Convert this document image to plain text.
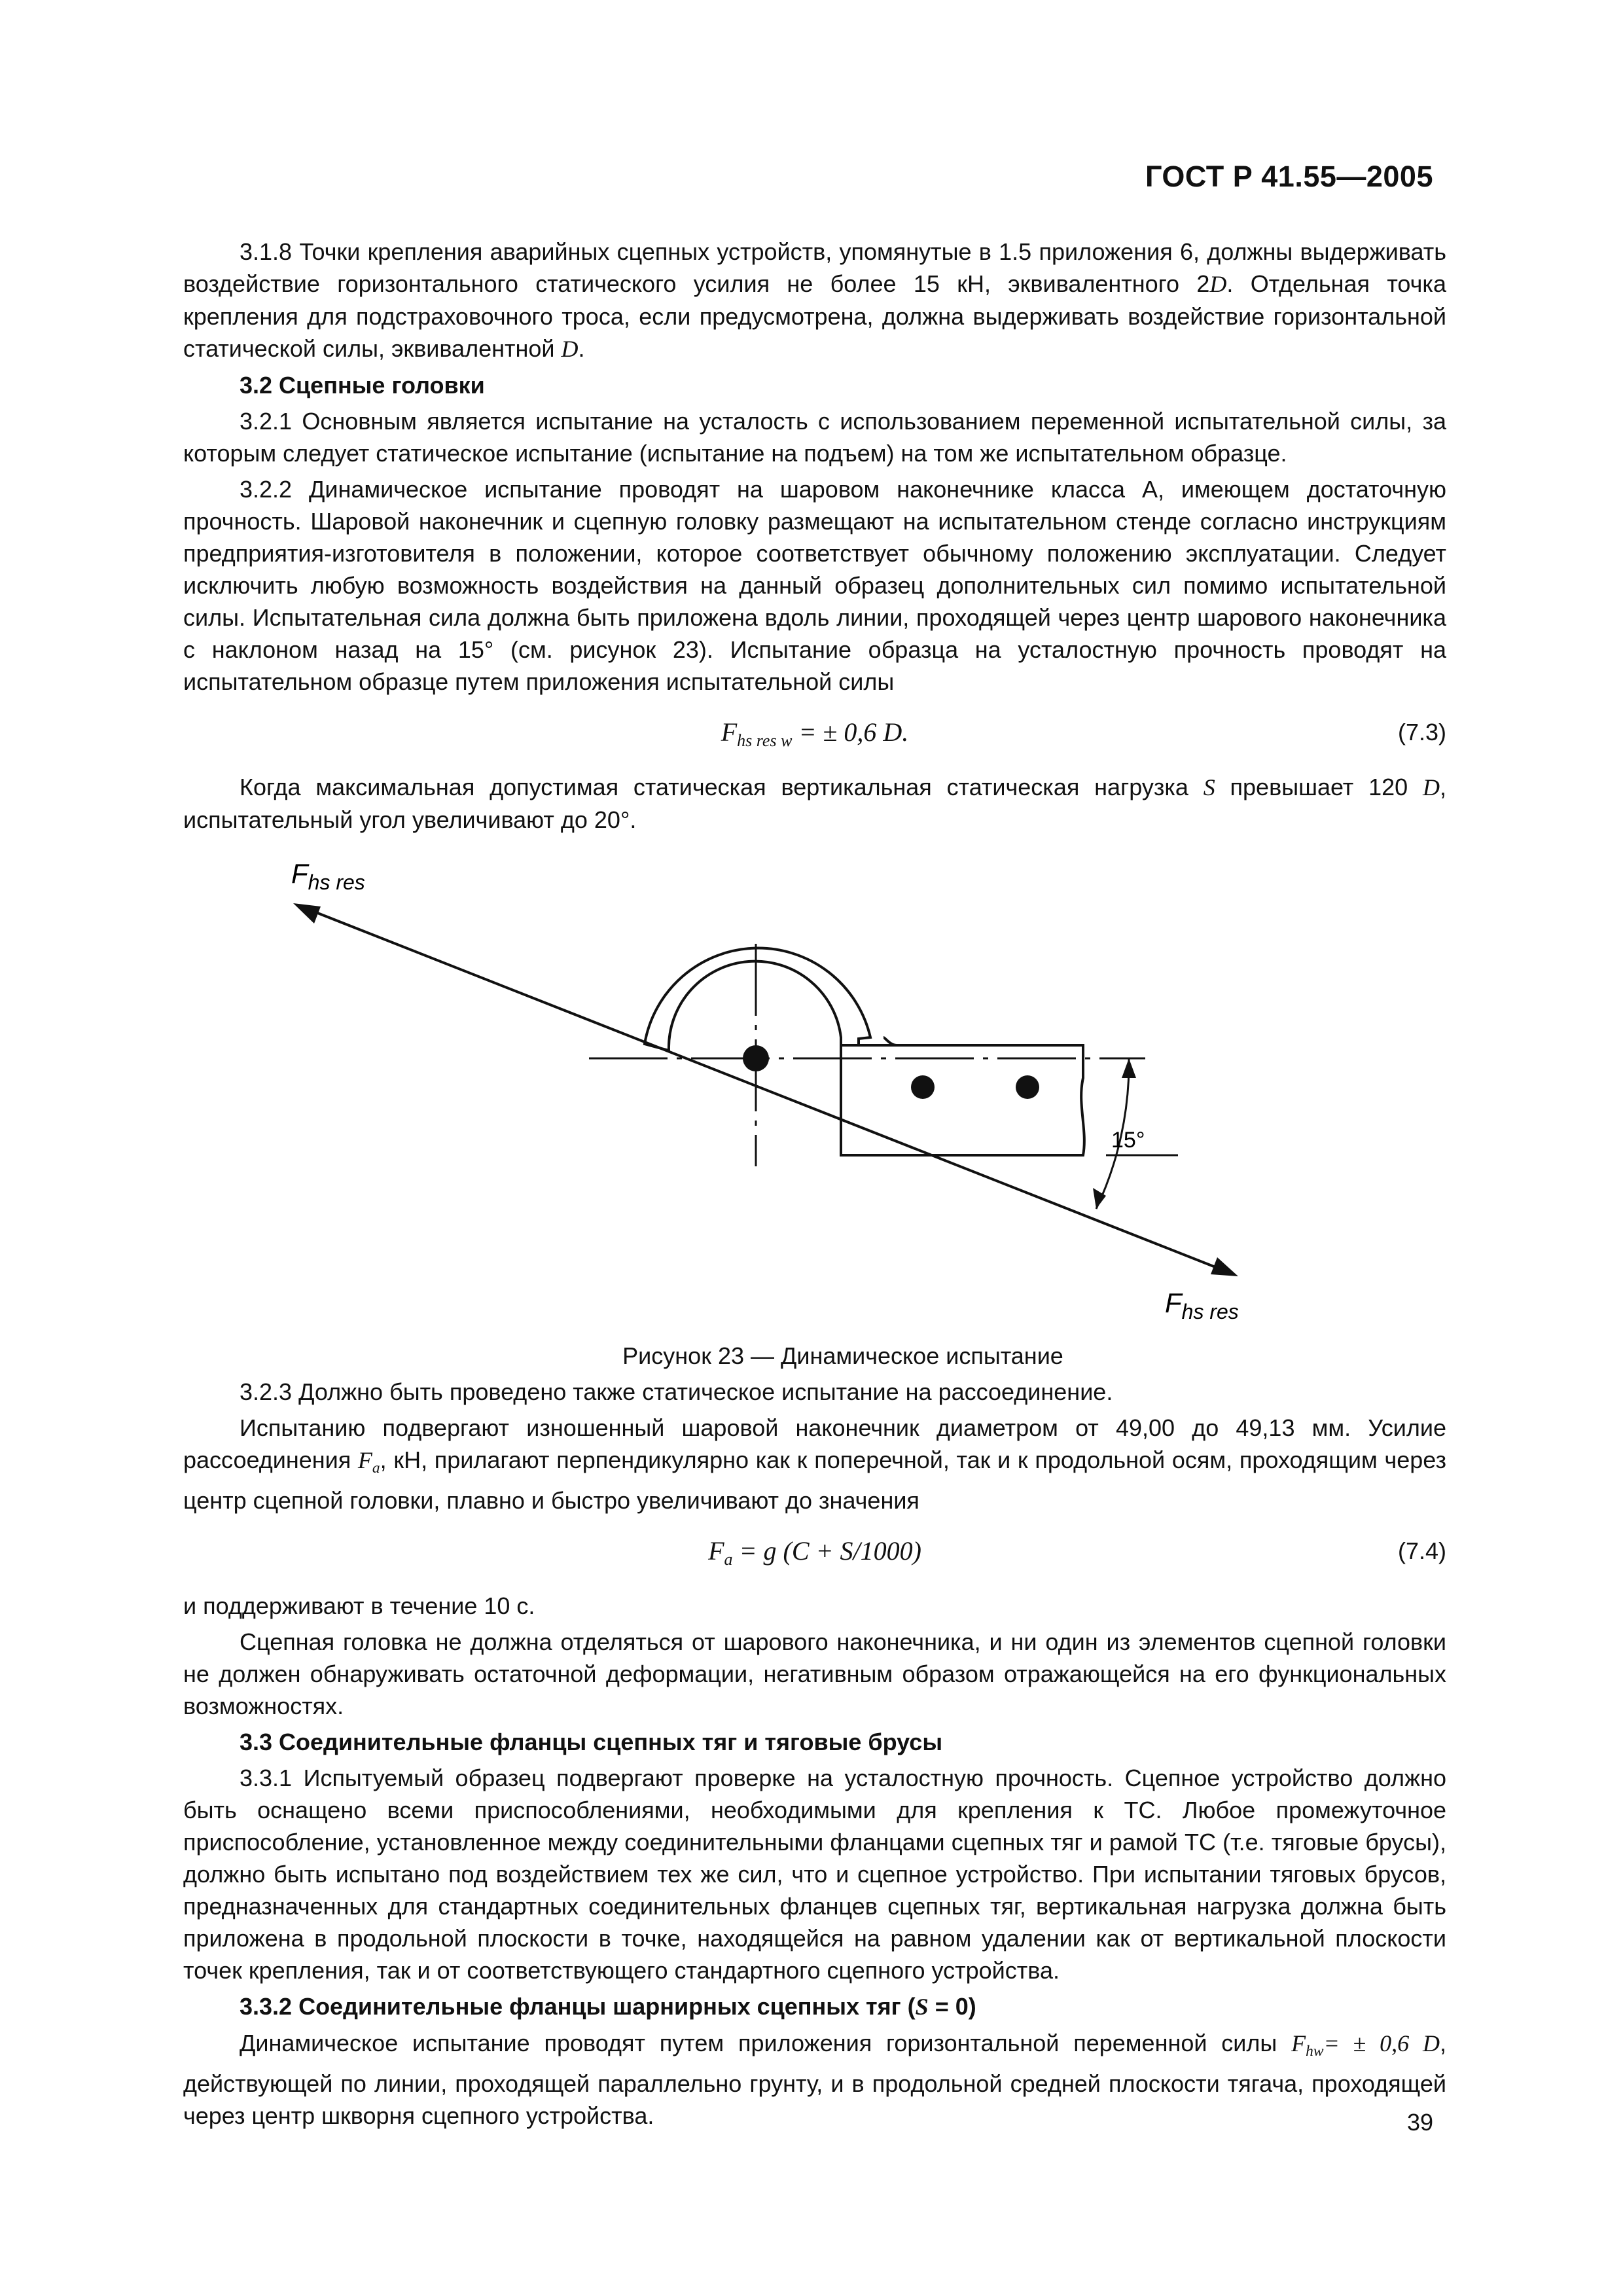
ГОСТ Р 41.55—2005

3.1.8 Точки крепления аварийных сцепных устройств, упомянутые в 1.5 приложения 6, должны выдерживать воздействие горизонтального статического усилия не более 15 кН, эквивалентного 2D. Отдельная точка крепления для подстраховочного троса, если предусмотрена, должна выдерживать воздействие горизонтальной статической силы, эквивалентной D.

3.2 Сцепные головки

3.2.1 Основным является испытание на усталость с использованием переменной испытательной силы, за которым следует статическое испытание (испытание на подъем) на том же испытательном образце.

3.2.2 Динамическое испытание проводят на шаровом наконечнике класса А, имеющем достаточную прочность. Шаровой наконечник и сцепную головку размещают на испытательном стенде согласно инструкциям предприятия-изготовителя в положении, которое соответствует обычному положению эксплуатации. Следует исключить любую возможность воздействия на данный образец дополнительных сил помимо испытательной силы. Испытательная сила должна быть приложена вдоль линии, проходящей через центр шарового наконечника с наклоном назад на 15° (см. рисунок 23). Испытание образца на усталостную прочность проводят на испытательном образце путем приложения испытательной силы

$F_{hs res w}$ = ± 0,6 D.	(7.3)

Когда максимальная допустимая статическая вертикальная статическая нагрузка S превышает 120 D, испытательный угол увеличивают до 20°.

15°
$F_{hs res}$
$F_{hs res}$

Рисунок 23 — Динамическое испытание

3.2.3 Должно быть проведено также статическое испытание на рассоединение.

Испытанию подвергают изношенный шаровой наконечник диаметром от 49,00 до 49,13 мм. Усилие рассоединения $F_a$, кН, прилагают перпендикулярно как к поперечной, так и к продольной осям, проходящим через центр сцепной головки, плавно и быстро увеличивают до значения

$F_a = g$ (C + S/1000)	(7.4)

и поддерживают в течение 10 с.

Сцепная головка не должна отделяться от шарового наконечника, и ни один из элементов сцепной головки не должен обнаруживать остаточной деформации, негативным образом отражающейся на его функциональных возможностях.

3.3 Соединительные фланцы сцепных тяг и тяговые брусы

3.3.1 Испытуемый образец подвергают проверке на усталостную прочность. Сцепное устройство должно быть оснащено всеми приспособлениями, необходимыми для крепления к ТС. Любое промежуточное приспособление, установленное между соединительными фланцами сцепных тяг и рамой ТС (т.е. тяговые брусы), должно быть испытано под воздействием тех же сил, что и сцепное устройство. При испытании тяговых брусов, предназначенных для стандартных соединительных фланцев сцепных тяг, вертикальная нагрузка должна быть приложена в продольной плоскости в точке, находящейся на равном удалении как от вертикальной плоскости точек крепления, так и от соответствующего стандартного сцепного устройства.

3.3.2 Соединительные фланцы шарнирных сцепных тяг (S = 0)

Динамическое испытание проводят путем приложения горизонтальной переменной силы $F_{hw}= \pm 0,6$ D, действующей по линии, проходящей параллельно грунту, и в продольной средней плоскости тягача, проходящей через центр шкворня сцепного устройства.	39
